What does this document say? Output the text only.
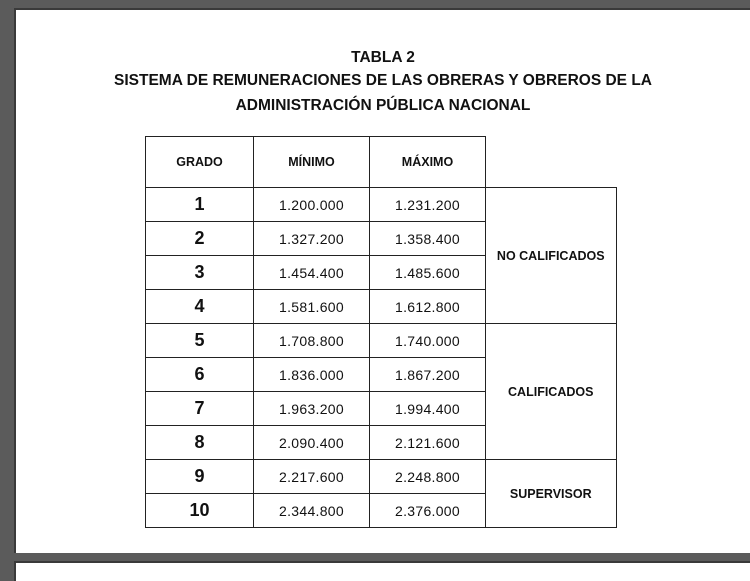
TABLA 2
SISTEMA DE REMUNERACIONES DE LAS OBRERAS Y OBREROS DE LA
ADMINISTRACIÓN PÚBLICA NACIONAL
GRADO	MÍNIMO	MÁXIMO	
1	1.200.000	1.231.200	NO CALIFICADOS
2	1.327.200	1.358.400	
3	1.454.400	1.485.600	
4	1.581.600	1.612.800	
5	1.708.800	1.740.000	CALIFICADOS
6	1.836.000	1.867.200	
7	1.963.200	1.994.400	
8	2.090.400	2.121.600	
9	2.217.600	2.248.800	SUPERVISOR
10	2.344.800	2.376.000	
